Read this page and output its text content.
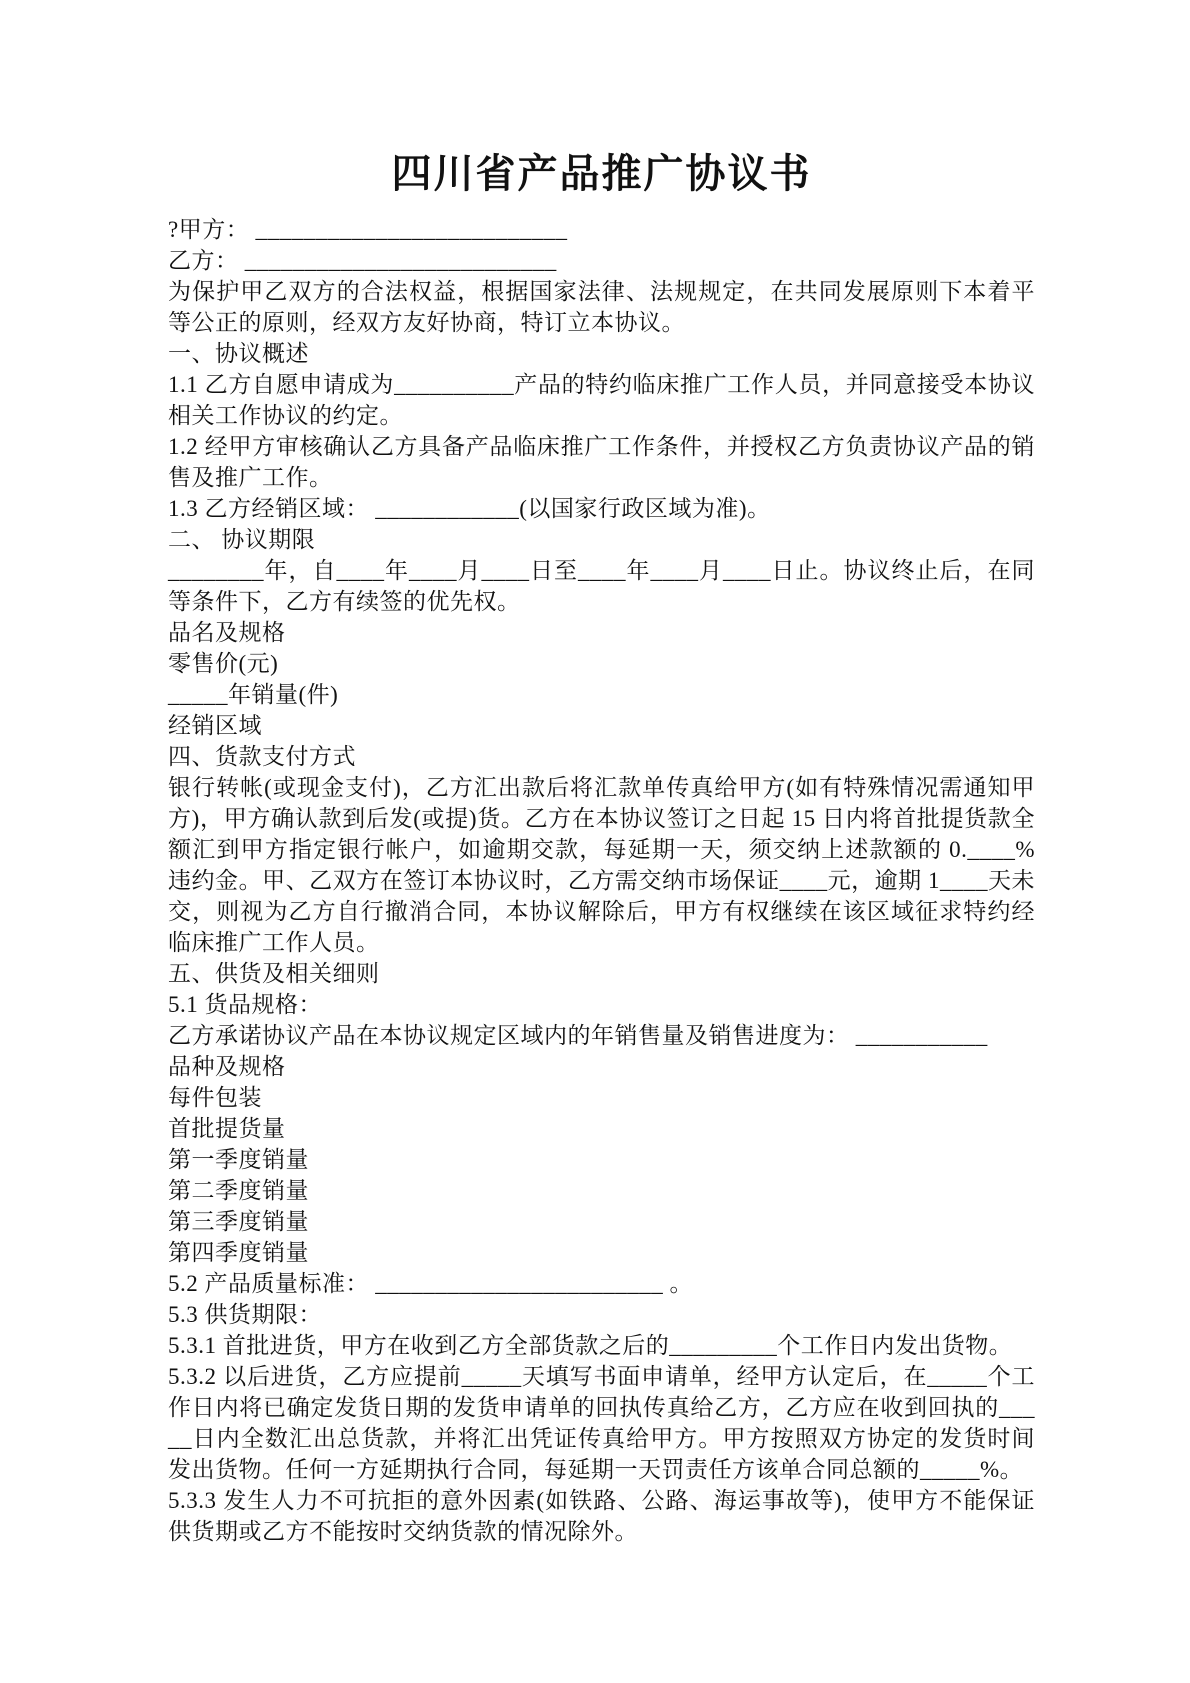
四川省产品推广协议书

?甲方： __________________________

乙方： __________________________

为保护甲乙双方的合法权益，根据国家法律、法规规定，在共同发展原则下本着平等公正的原则，经双方友好协商，特订立本协议。

一、协议概述

1.1 乙方自愿申请成为__________产品的特约临床推广工作人员，并同意接受本协议相关工作协议的约定。

1.2 经甲方审核确认乙方具备产品临床推广工作条件，并授权乙方负责协议产品的销售及推广工作。

1.3 乙方经销区域： ____________(以国家行政区域为准)。

二、 协议期限

________年，自____年____月____日至____年____月____日止。协议终止后，在同等条件下，乙方有续签的优先权。

品名及规格

零售价(元)

_____年销量(件)

经销区域

四、货款支付方式

银行转帐(或现金支付)，乙方汇出款后将汇款单传真给甲方(如有特殊情况需通知甲方)，甲方确认款到后发(或提)货。乙方在本协议签订之日起 15 日内将首批提货款全额汇到甲方指定银行帐户，如逾期交款，每延期一天，须交纳上述款额的 0.____%违约金。甲、乙双方在签订本协议时，乙方需交纳市场保证____元，逾期 1____天未交，则视为乙方自行撤消合同，本协议解除后，甲方有权继续在该区域征求特约经临床推广工作人员。

五、供货及相关细则

5.1 货品规格：

乙方承诺协议产品在本协议规定区域内的年销售量及销售进度为： ___________

品种及规格

每件包装

首批提货量

第一季度销量

第二季度销量

第三季度销量

第四季度销量

5.2 产品质量标准： ________________________ 。

5.3 供货期限：

5.3.1 首批进货，甲方在收到乙方全部货款之后的_________个工作日内发出货物。

5.3.2 以后进货，乙方应提前_____天填写书面申请单，经甲方认定后，在_____个工作日内将已确定发货日期的发货申请单的回执传真给乙方，乙方应在收到回执的_____日内全数汇出总货款，并将汇出凭证传真给甲方。甲方按照双方协定的发货时间发出货物。任何一方延期执行合同，每延期一天罚责任方该单合同总额的_____%。

5.3.3 发生人力不可抗拒的意外因素(如铁路、公路、海运事故等)，使甲方不能保证供货期或乙方不能按时交纳货款的情况除外。
